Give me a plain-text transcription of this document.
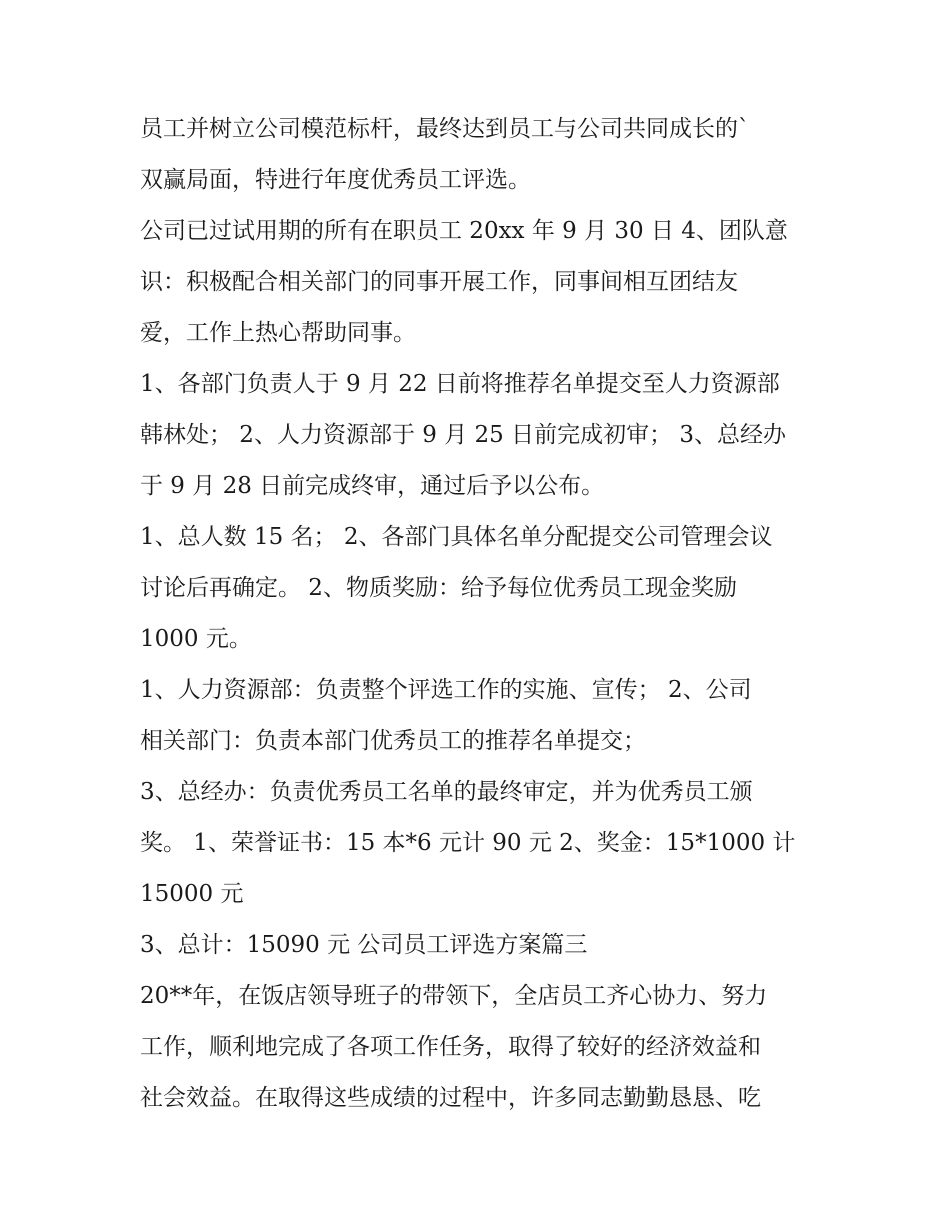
员工并树立公司模范标杆，最终达到员工与公司共同成长的`
双赢局面，特进行年度优秀员工评选。
公司已过试用期的所有在职员工 20xx 年 9 月 30 日 4、团队意
识：积极配合相关部门的同事开展工作，同事间相互团结友
爱，工作上热心帮助同事。
1、各部门负责人于 9 月 22 日前将推荐名单提交至人力资源部
韩林处； 2、人力资源部于 9 月 25 日前完成初审； 3、总经办
于 9 月 28 日前完成终审，通过后予以公布。
1、总人数 15 名； 2、各部门具体名单分配提交公司管理会议
讨论后再确定。 2、物质奖励：给予每位优秀员工现金奖励
1000 元。
1、人力资源部：负责整个评选工作的实施、宣传； 2、公司
相关部门：负责本部门优秀员工的推荐名单提交；
3、总经办：负责优秀员工名单的最终审定，并为优秀员工颁
奖。 1、荣誉证书：15 本*6 元计 90 元 2、奖金：15*1000 计
15000 元
3、总计：15090 元 公司员工评选方案篇三
20**年，在饭店领导班子的带领下，全店员工齐心协力、努力
工作，顺利地完成了各项工作任务，取得了较好的经济效益和
社会效益。在取得这些成绩的过程中，许多同志勤勤恳恳、吃
